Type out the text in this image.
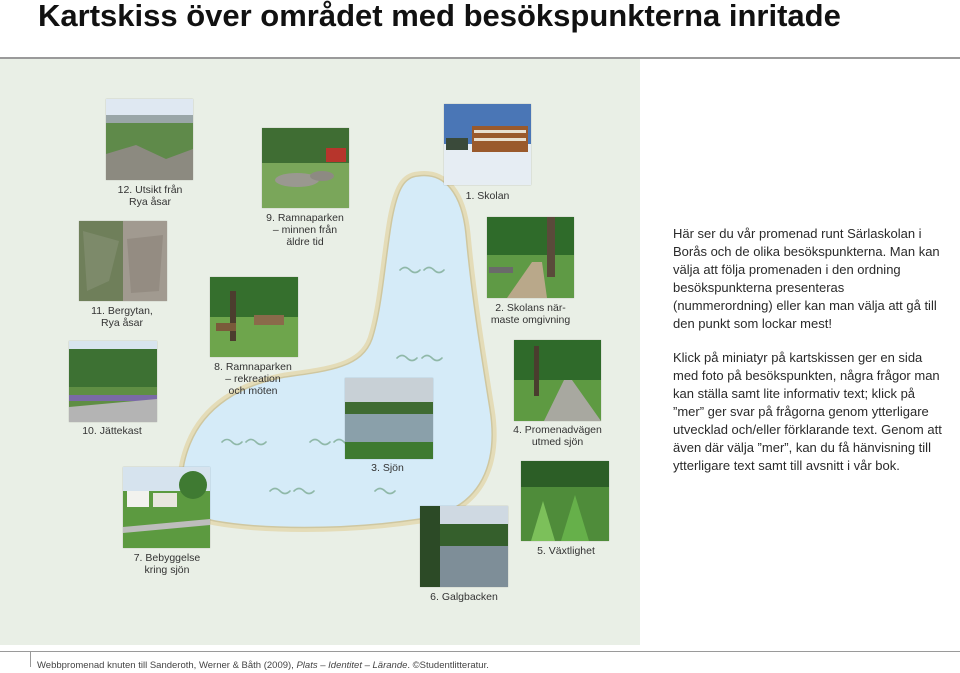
Kartskiss över området med besökspunkterna inritade
12. Utsikt från
Rya åsar
9. Ramnaparken
– minnen från
äldre tid
1. Skolan
11. Bergytan,
Rya åsar
2. Skolans när-
maste omgivning
8. Ramnaparken
– rekreation
och möten
10. Jättekast
3. Sjön
4. Promenadvägen
utmed sjön
7. Bebyggelse
kring sjön
5. Växtlighet
6. Galgbacken

Här ser du vår promenad runt Särlaskolan i Borås och de olika besökspunkterna. Man kan välja att följa promenaden i den ordning besökspunkterna presenteras (nummerordning) eller kan man välja att gå till den punkt som lockar mest!

Klick på miniatyr på kartskissen ger en sida med foto på besökspunkten, några frågor man kan ställa samt lite informativ text; klick på ”mer” ger svar på frågorna genom ytterligare utvecklad och/eller förklarande text. Genom att även där välja ”mer”, kan du få hänvisning till ytterligare text samt till avsnitt i vår bok.

Webbpromenad knuten till Sanderoth, Werner & Båth (2009), Plats – Identitet – Lärande. ©Studentlitteratur.
